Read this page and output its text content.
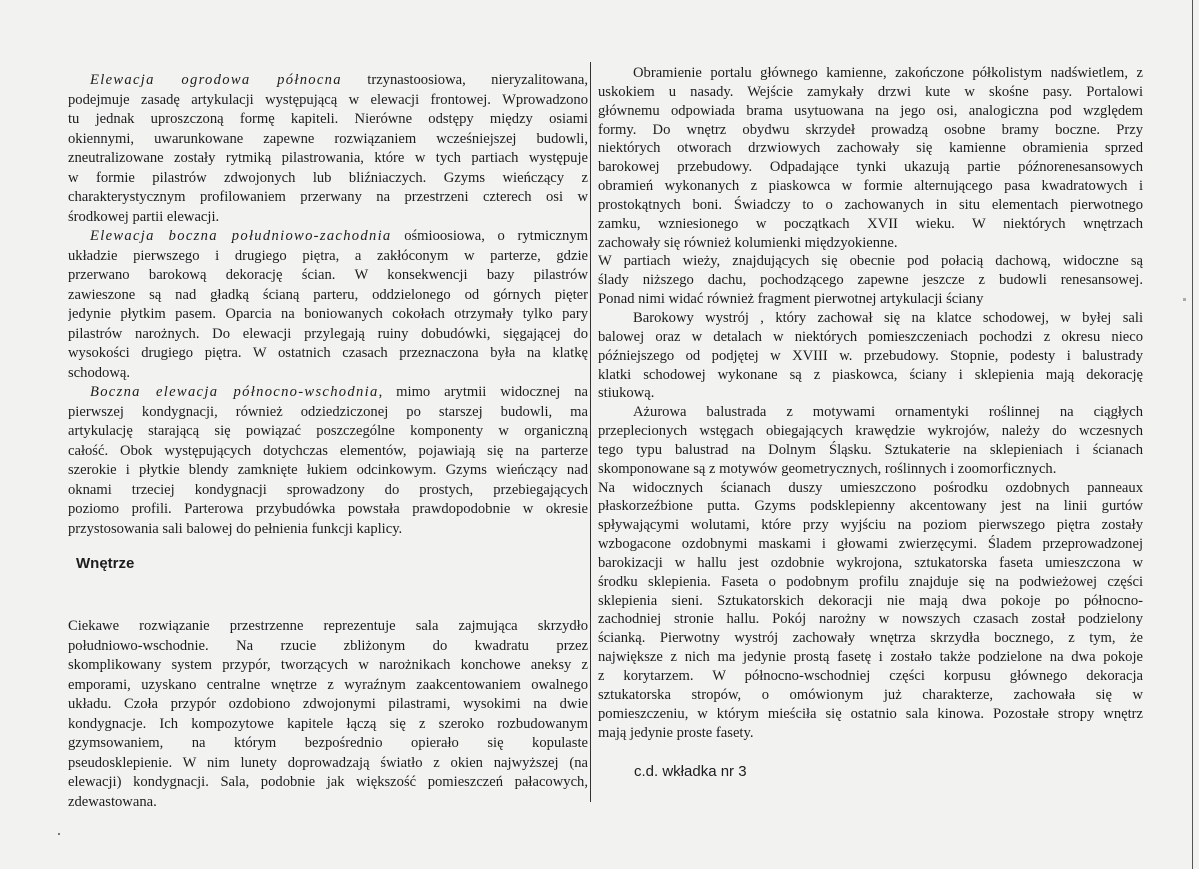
Elewacja ogrodowa północna trzynastoosiowa, nieryzalitowana,
podejmuje zasadę artykulacji występującą w elewacji frontowej. Wprowadzono
tu jednak uproszczoną formę kapiteli. Nierówne odstępy między osiami
okiennymi, uwarunkowane zapewne rozwiązaniem wcześniejszej budowli,
zneutralizowane zostały rytmiką pilastrowania, które w tych partiach występuje
w formie pilastrów zdwojonych lub bliźniaczych. Gzyms wieńczący z
charakterystycznym profilowaniem przerwany na przestrzeni czterech osi w
środkowej partii elewacji.
Elewacja boczna południowo-zachodnia ośmioosiowa, o rytmicznym
układzie pierwszego i drugiego piętra, a zakłóconym w parterze, gdzie
przerwano barokową dekorację ścian. W konsekwencji bazy pilastrów
zawieszone są nad gładką ścianą parteru, oddzielonego od górnych pięter
jedynie płytkim pasem. Oparcia na boniowanych cokołach otrzymały tylko pary
pilastrów narożnych. Do elewacji przylegają ruiny dobudówki, sięgającej do
wysokości drugiego piętra. W ostatnich czasach przeznaczona była na klatkę
schodową.
Boczna elewacja północno-wschodnia, mimo arytmii widocznej na
pierwszej kondygnacji, również odziedziczonej po starszej budowli, ma
artykulację starającą się powiązać poszczególne komponenty w organiczną
całość. Obok występujących dotychczas elementów, pojawiają się na parterze
szerokie i płytkie blendy zamknięte łukiem odcinkowym. Gzyms wieńczący nad
oknami trzeciej kondygnacji sprowadzony do prostych, przebiegających
poziomo profili. Parterowa przybudówka powstała prawdopodobnie w okresie
przystosowania sali balowej do pełnienia funkcji kaplicy.
Ciekawe rozwiązanie przestrzenne reprezentuje sala zajmująca skrzydło
południowo-wschodnie. Na rzucie zbliżonym do kwadratu przez
skomplikowany system przypór, tworzących w narożnikach konchowe aneksy z
emporami, uzyskano centralne wnętrze z wyraźnym zaakcentowaniem owalnego
układu. Czoła przypór ozdobiono zdwojonymi pilastrami, wysokimi na dwie
kondygnacje. Ich kompozytowe kapitele łączą się z szeroko rozbudowanym
gzymsowaniem, na którym bezpośrednio opierało się kopulaste
pseudosklepienie. W nim lunety doprowadzają światło z okien najwyższej (na
elewacji) kondygnacji. Sala, podobnie jak większość pomieszczeń pałacowych,
zdewastowana.
Obramienie portalu głównego kamienne, zakończone półkolistym nadświetlem, z
uskokiem u nasady. Wejście zamykały drzwi kute w skośne pasy. Portalowi
głównemu odpowiada brama usytuowana na jego osi, analogiczna pod względem
formy. Do wnętrz obydwu skrzydeł prowadzą osobne bramy boczne. Przy
niektórych otworach drzwiowych zachowały się kamienne obramienia sprzed
barokowej przebudowy. Odpadające tynki ukazują partie późnorenesansowych
obramień wykonanych z piaskowca w formie alternującego pasa kwadratowych i
prostokątnych boni. Świadczy to o zachowanych in situ elementach pierwotnego
zamku, wzniesionego w początkach XVII wieku. W niektórych wnętrzach
zachowały się również kolumienki międzyokienne.
W partiach wieży, znajdujących się obecnie pod połacią dachową, widoczne są
ślady niższego dachu, pochodzącego zapewne jeszcze z budowli renesansowej.
Ponad nimi widać również fragment pierwotnej artykulacji ściany
Barokowy wystrój , który zachował się na klatce schodowej, w byłej sali
balowej oraz w detalach w niektórych pomieszczeniach pochodzi z okresu nieco
późniejszego od podjętej w XVIII w. przebudowy. Stopnie, podesty i balustrady
klatki schodowej wykonane są z piaskowca, ściany i sklepienia mają dekorację
stiukową.
Ażurowa balustrada z motywami ornamentyki roślinnej na ciągłych
przeplecionych wstęgach obiegających krawędzie wykrojów, należy do wczesnych
tego typu balustrad na Dolnym Śląsku. Sztukaterie na sklepieniach i ścianach
skomponowane są z motywów geometrycznych, roślinnych i zoomorficznych.
Na widocznych ścianach duszy umieszczono pośrodku ozdobnych panneaux
płaskorzeźbione putta. Gzyms podsklepienny akcentowany jest na linii gurtów
spływającymi wolutami, które przy wyjściu na poziom pierwszego piętra zostały
wzbogacone ozdobnymi maskami i głowami zwierzęcymi. Śladem przeprowadzonej
barokizacji w hallu jest ozdobnie wykrojona, sztukatorska faseta umieszczona w
środku sklepienia. Faseta o podobnym profilu znajduje się na podwieżowej części
sklepienia sieni. Sztukatorskich dekoracji nie mają dwa pokoje po północno-
zachodniej stronie hallu. Pokój narożny w nowszych czasach został podzielony
ścianką. Pierwotny wystrój zachowały wnętrza skrzydła bocznego, z tym, że
największe z nich ma jedynie prostą fasetę i zostało także podzielone na dwa pokoje
z korytarzem. W północno-wschodniej części korpusu głównego dekoracja
sztukatorska stropów, o omówionym już charakterze, zachowała się w
pomieszczeniu, w którym mieściła się ostatnio sala kinowa. Pozostałe stropy wnętrz
mają jedynie proste fasety.
Wnętrze
c.d. wkładka nr 3
